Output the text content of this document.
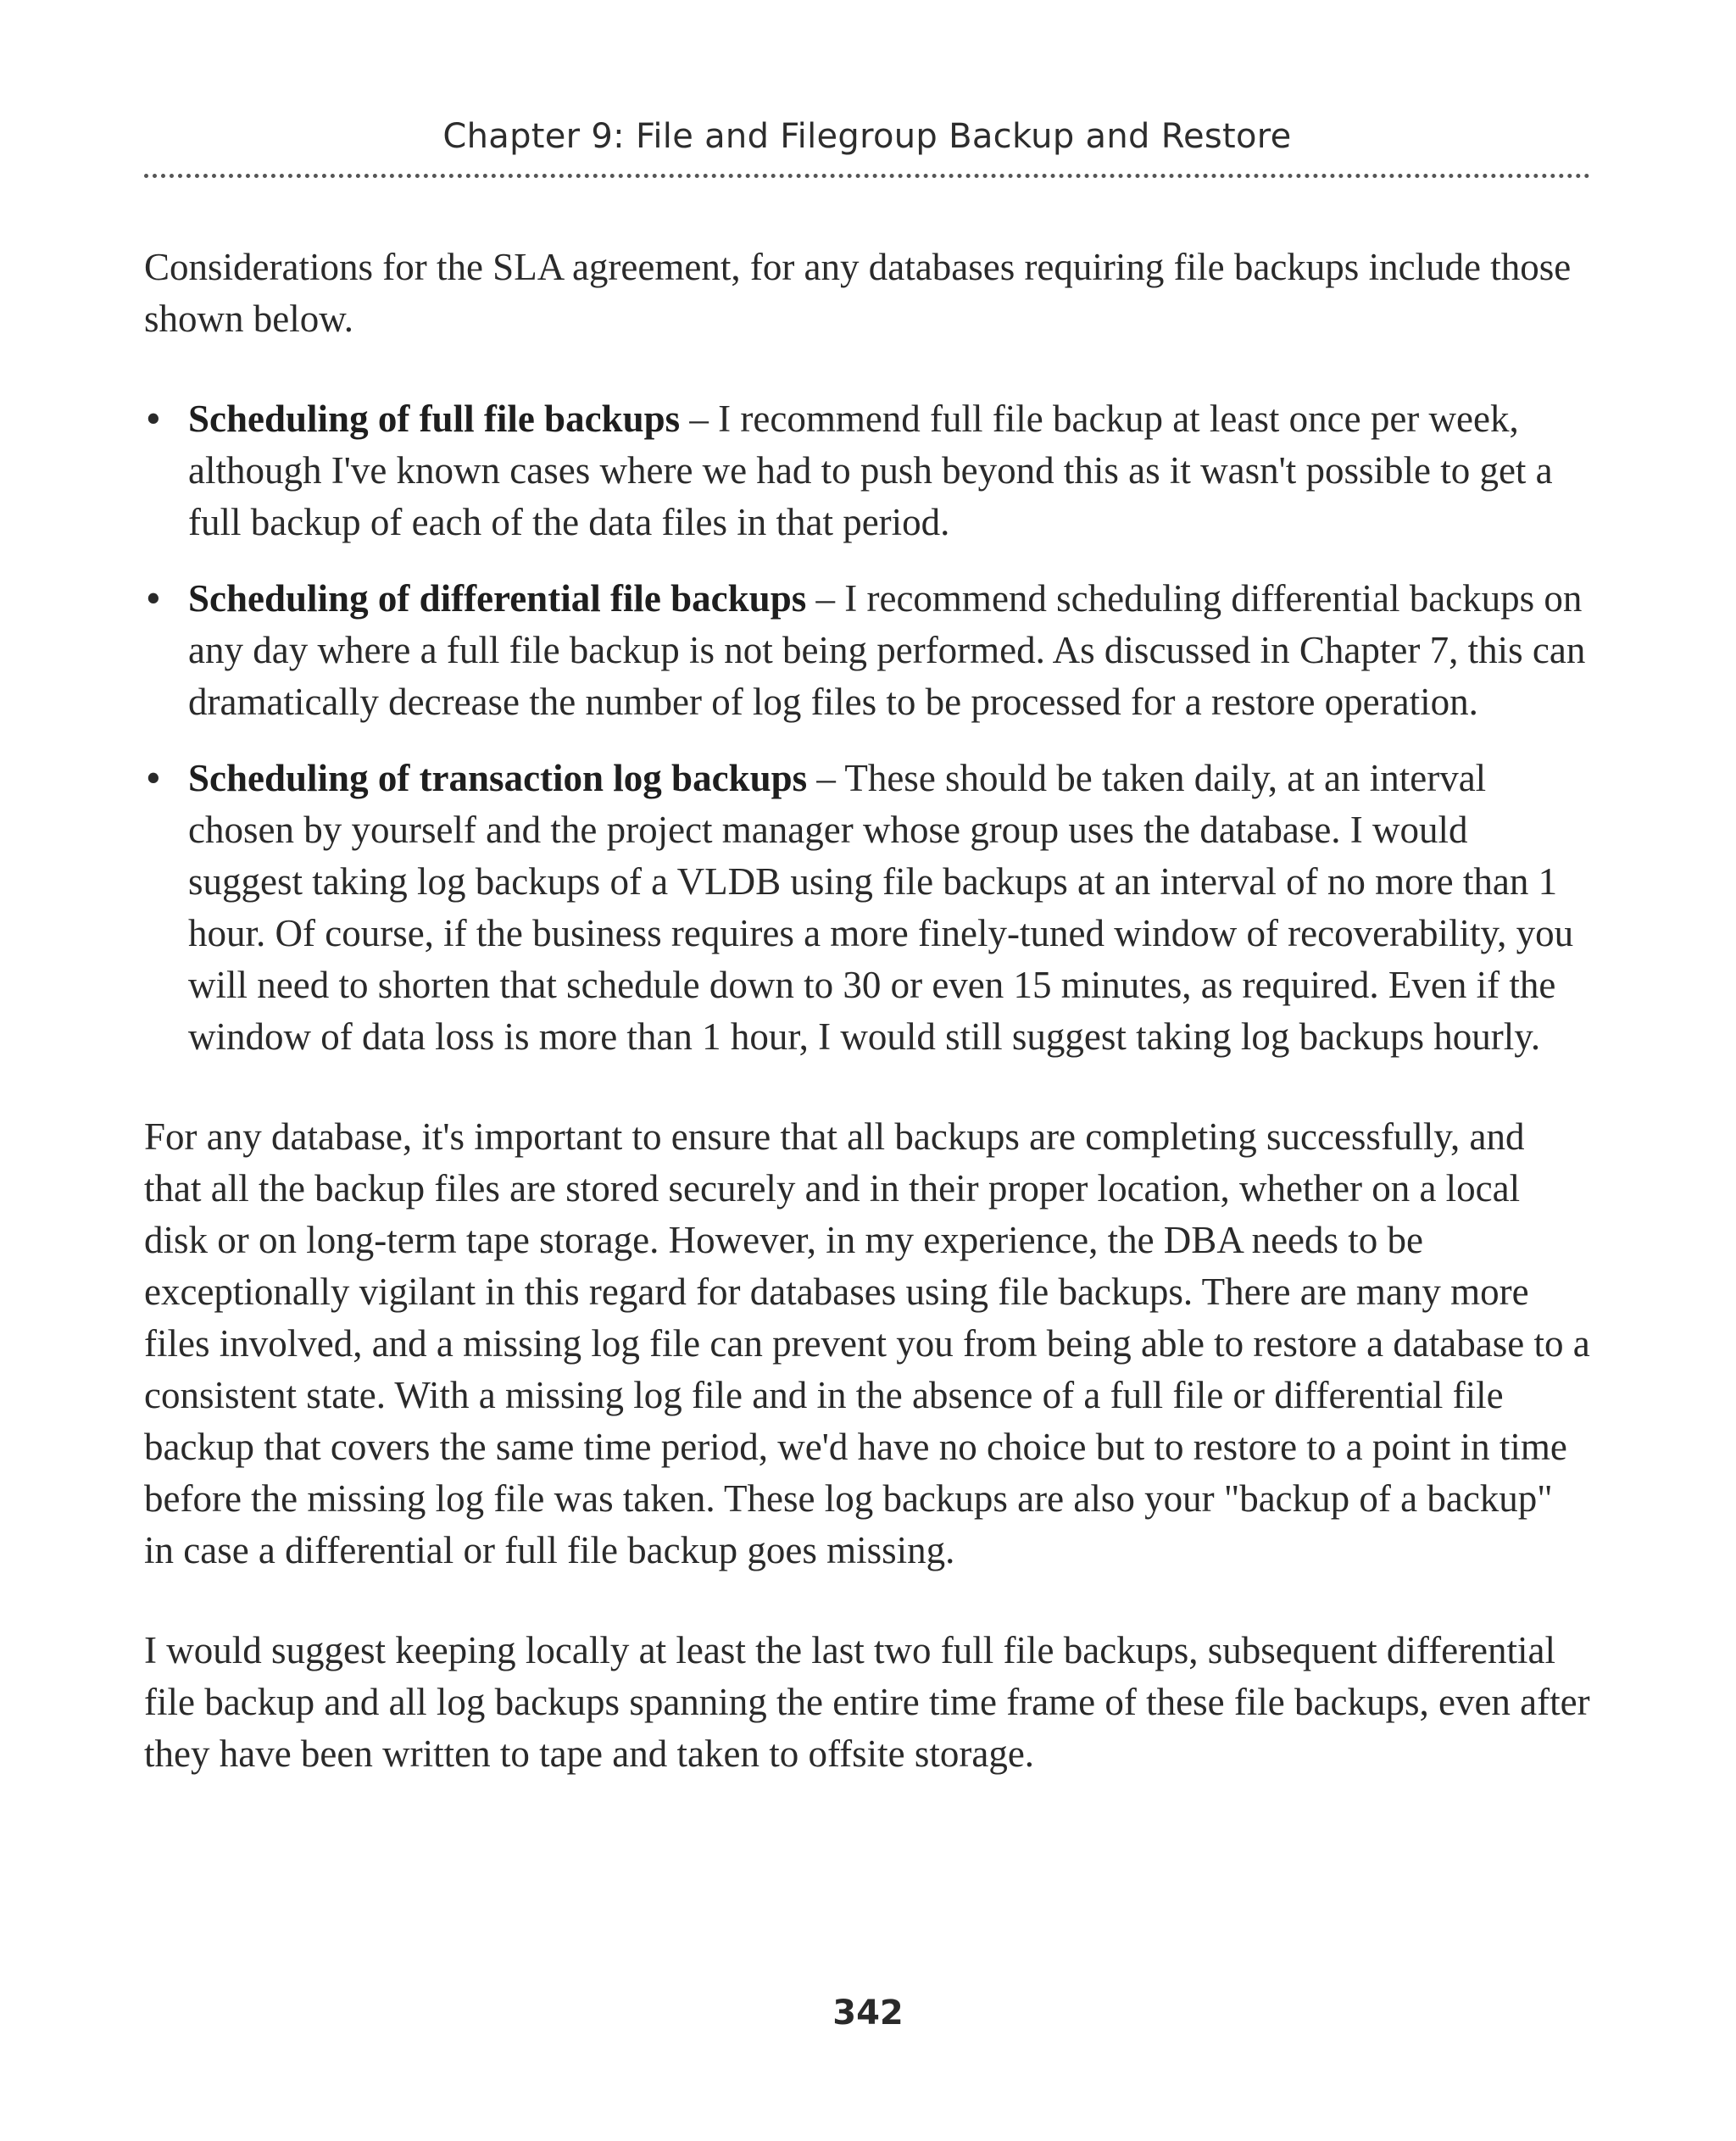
Chapter 9: File and Filegroup Backup and Restore

Considerations for the SLA agreement, for any databases requiring file backups include those shown below.

• Scheduling of full file backups – I recommend full file backup at least once per week, although I've known cases where we had to push beyond this as it wasn't possible to get a full backup of each of the data files in that period.
• Scheduling of differential file backups – I recommend scheduling differential backups on any day where a full file backup is not being performed. As discussed in Chapter 7, this can dramatically decrease the number of log files to be processed for a restore operation.
• Scheduling of transaction log backups – These should be taken daily, at an interval chosen by yourself and the project manager whose group uses the database. I would suggest taking log backups of a VLDB using file backups at an interval of no more than 1 hour. Of course, if the business requires a more finely-tuned window of recoverability, you will need to shorten that schedule down to 30 or even 15 minutes, as required. Even if the window of data loss is more than 1 hour, I would still suggest taking log backups hourly.

For any database, it's important to ensure that all backups are completing successfully, and that all the backup files are stored securely and in their proper location, whether on a local disk or on long-term tape storage. However, in my experience, the DBA needs to be exceptionally vigilant in this regard for databases using file backups. There are many more files involved, and a missing log file can prevent you from being able to restore a database to a consistent state. With a missing log file and in the absence of a full file or differential file backup that covers the same time period, we'd have no choice but to restore to a point in time before the missing log file was taken. These log backups are also your "backup of a backup" in case a differential or full file backup goes missing.

I would suggest keeping locally at least the last two full file backups, subsequent differential file backup and all log backups spanning the entire time frame of these file backups, even after they have been written to tape and taken to offsite storage.

342
